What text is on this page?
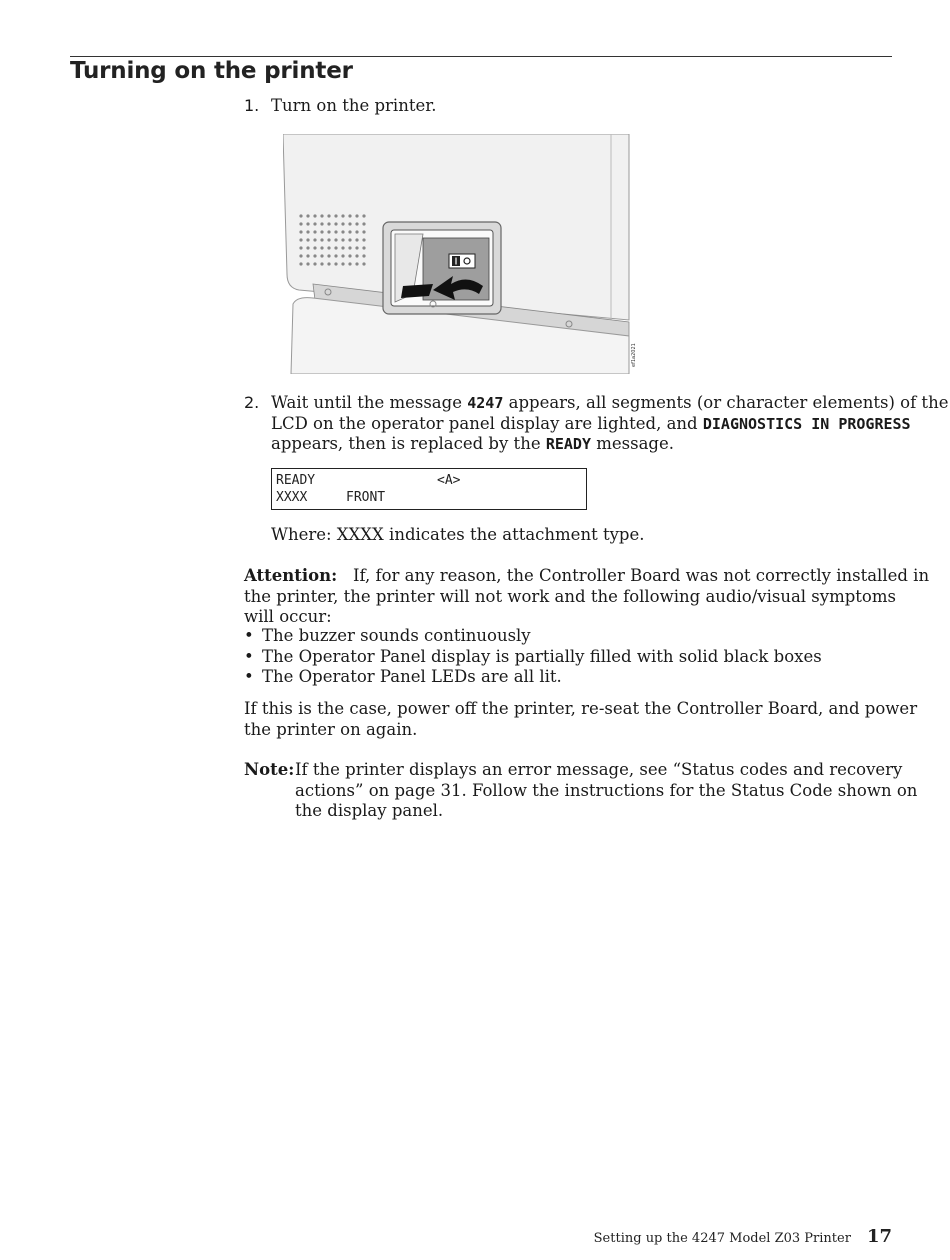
Turning on the printer
1. Turn on the printer.
ef1a2021
2. Wait until the message 4247 appears, all segments (or character elements) of the
LCD on the operator panel display are lighted, and DIAGNOSTICS IN PROGRESS
appears, then is replaced by the READY message.
READY	<A>
XXXX	FRONT
Where: XXXX indicates the attachment type.
Attention: If, for any reason, the Controller Board was not correctly installed in
the printer, the printer will not work and the following audio/visual symptoms
will occur:
• The buzzer sounds continuously
• The Operator Panel display is partially filled with solid black boxes
• The Operator Panel LEDs are all lit.
If this is the case, power off the printer, re-seat the Controller Board, and power
the printer on again.
Note: If the printer displays an error message, see “Status codes and recovery
actions” on page 31. Follow the instructions for the Status Code shown on
the display panel.
Setting up the 4247 Model Z03 Printer 17
